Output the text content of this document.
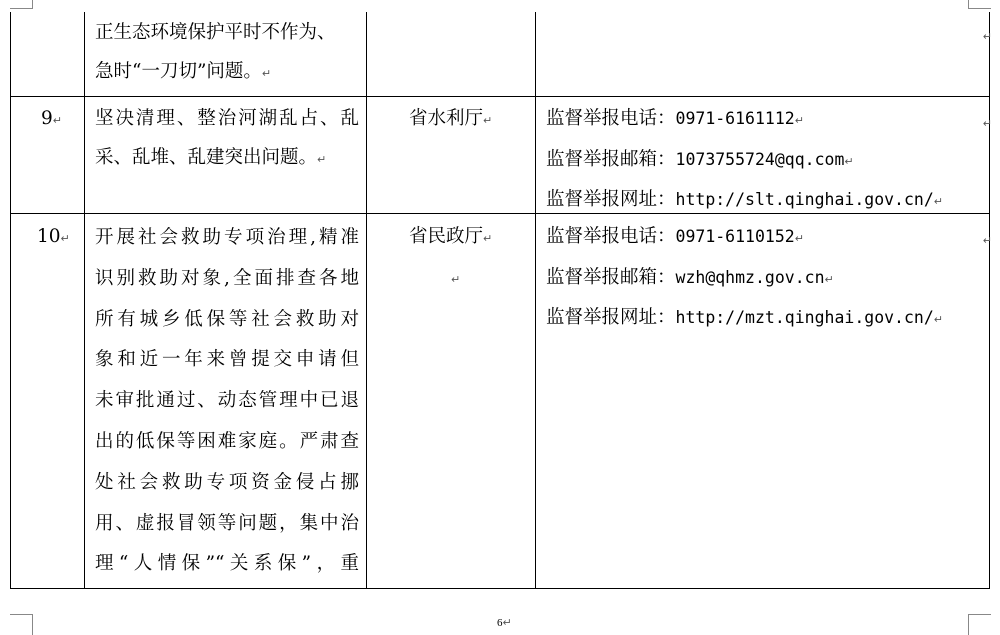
正生态环境保护平时不作为、
急时“一刀切”问题。↵
↵
9↵ 坚决清理、整治河湖乱占、乱
采、乱堆、乱建突出问题。↵
省水利厅↵	监督举报电话：0971-6161112↵
监督举报邮箱：1073755724@qq.com↵
监督举报网址：http://slt.qinghai.gov.cn/↵
↵
10↵ 开展社会救助专项治理,精准
识别救助对象,全面排查各地
所有城乡低保等社会救助对
象和近一年来曾提交申请但
未审批通过、动态管理中已退
出的低保等困难家庭。严肃查
处社会救助专项资金侵占挪
用、虚报冒领等问题，集中治
理“人情保”“关系保”，重
省民政厅↵
↵
监督举报电话：0971-6110152↵
监督举报邮箱：wzh@qhmz.gov.cn↵
监督举报网址：http://mzt.qinghai.gov.cn/↵
↵
6↵
